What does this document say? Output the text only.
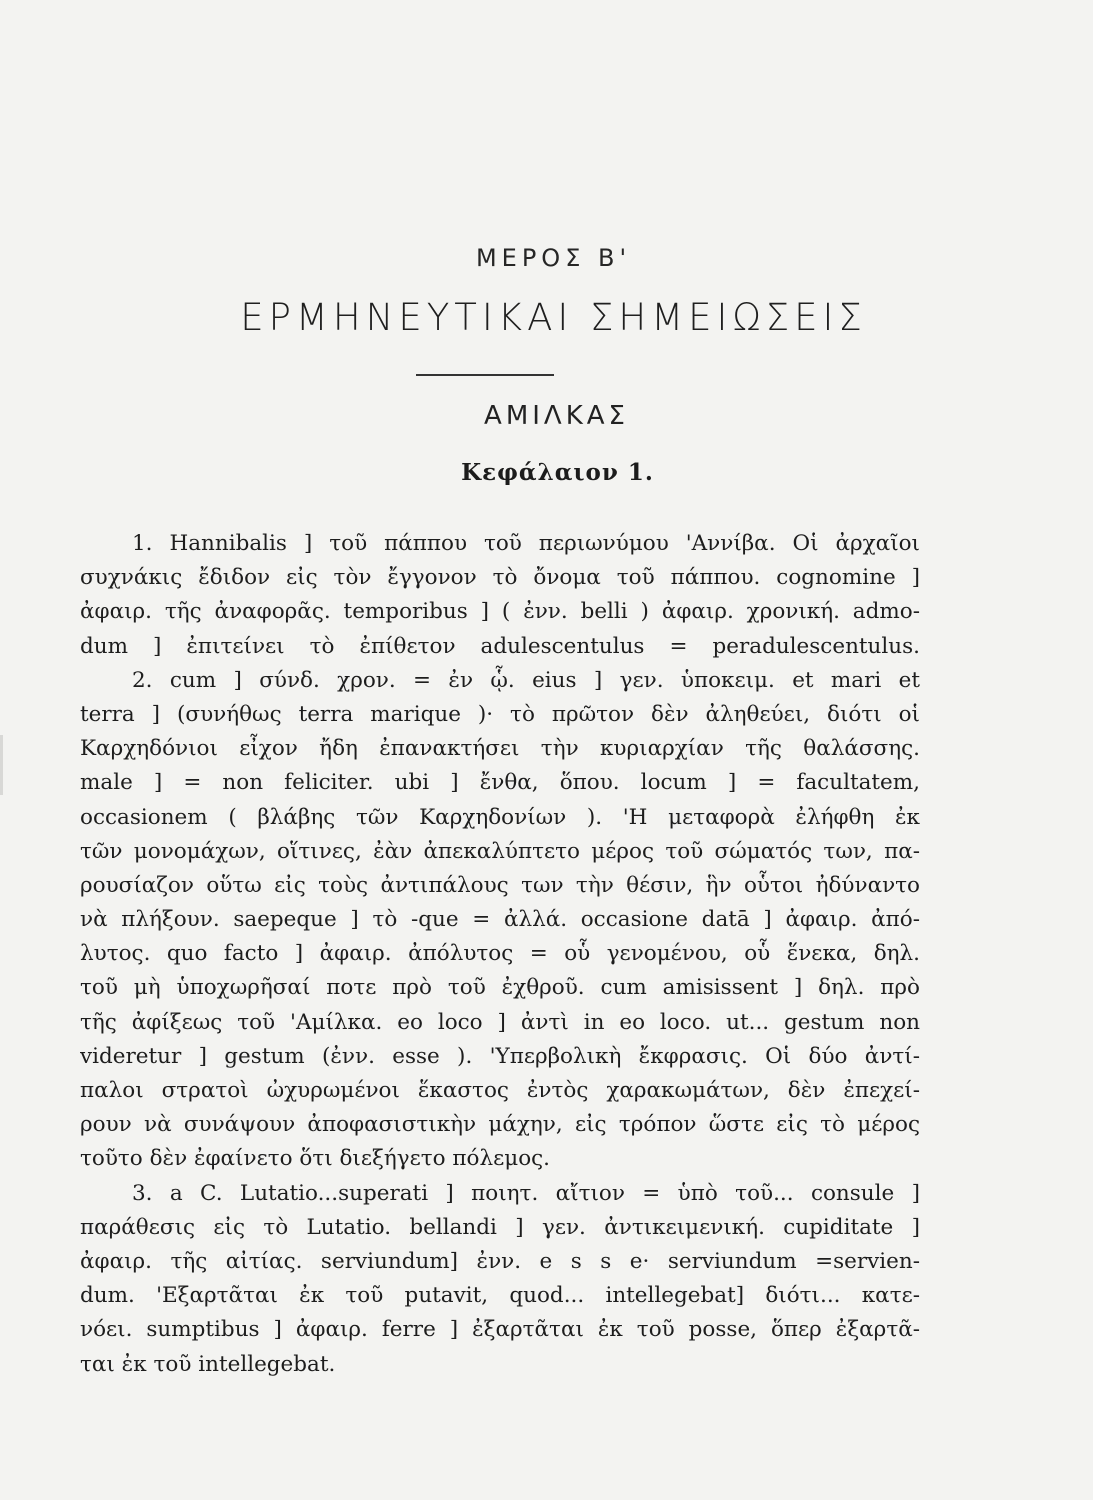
ΜΕΡΟΣ Β'
ΕΡΜΗΝΕΥΤΙΚΑΙ ΣΗΜΕΙΩΣΕΙΣ
ΑΜΙΛΚΑΣ
Κεφάλαιον 1.
1. Hannibalis ] τοῦ πάππου τοῦ περιωνύμου 'Αννίβα. Οἱ ἀρχαῖοι
συχνάκις ἔδιδον εἰς τὸν ἔγγονον τὸ ὄνομα τοῦ πάππου. cognomine ]
ἀφαιρ. τῆς ἀναφορᾶς. temporibus ] ( ἐνν. belli ) ἀφαιρ. χρονική. admo-
dum ] ἐπιτείνει τὸ ἐπίθετον adulescentulus = peradulescentulus.
2. cum ] σύνδ. χρον. = ἐν ᾧ. eius ] γεν. ὑποκειμ. et mari et
terra ] (συνήθως terra marique )· τὸ πρῶτον δὲν ἀληθεύει, διότι οἱ
Καρχηδόνιοι εἶχον ἤδη ἐπανακτήσει τὴν κυριαρχίαν τῆς θαλάσσης.
male ] = non feliciter. ubi ] ἔνθα, ὅπου. locum ] = facultatem,
occasionem ( βλάβης τῶν Καρχηδονίων ). 'Η μεταφορὰ ἐλήφθη ἐκ
τῶν μονομάχων, οἵτινες, ἐὰν ἀπεκαλύπτετο μέρος τοῦ σώματός των, πα-
ρουσίαζον οὕτω εἰς τοὺς ἀντιπάλους των τὴν θέσιν, ἣν οὗτοι ἠδύναντο
νὰ πλήξουν. saepeque ] τὸ -que = ἀλλά. occasione datā ] ἀφαιρ. ἀπό-
λυτος. quo facto ] ἀφαιρ. ἀπόλυτος = οὗ γενομένου, οὗ ἕνεκα, δηλ.
τοῦ μὴ ὑποχωρῆσαί ποτε πρὸ τοῦ ἐχθροῦ. cum amisissent ] δηλ. πρὸ
τῆς ἀφίξεως τοῦ 'Αμίλκα. eo loco ] ἀντὶ in eo loco. ut... gestum non
videretur ] gestum (ἐνν. esse ). 'Υπερβολικὴ ἔκφρασις. Οἱ δύο ἀντί-
παλοι στρατοὶ ὠχυρωμένοι ἕκαστος ἐντὸς χαρακωμάτων, δὲν ἐπεχεί-
ρουν νὰ συνάψουν ἀποφασιστικὴν μάχην, εἰς τρόπον ὥστε εἰς τὸ μέρος
τοῦτο δὲν ἐφαίνετο ὅτι διεξήγετο πόλεμος.
3. a C. Lutatio...superati ] ποιητ. αἴτιον = ὑπὸ τοῦ... consule ]
παράθεσις εἰς τὸ Lutatio. bellandi ] γεν. ἀντικειμενική. cupiditate ]
ἀφαιρ. τῆς αἰτίας. serviundum] ἐνν. e s s e· serviundum =servien-
dum. 'Εξαρτᾶται ἐκ τοῦ putavit, quod... intellegebat] διότι... κατε-
νόει. sumptibus ] ἀφαιρ. ferre ] ἐξαρτᾶται ἐκ τοῦ posse, ὅπερ ἐξαρτᾶ-
ται ἐκ τοῦ intellegebat.
